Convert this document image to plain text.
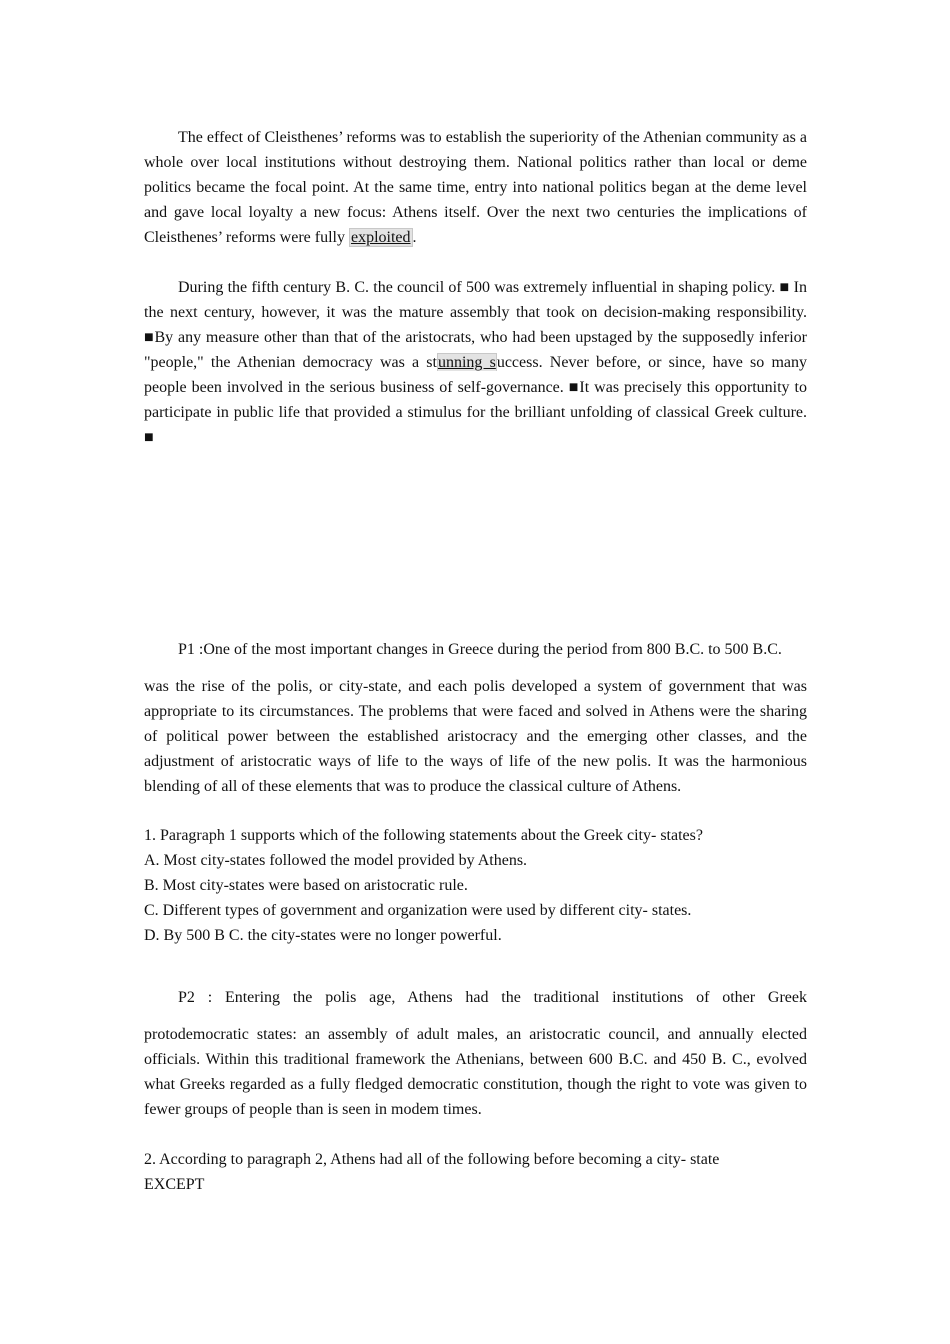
The effect of Cleisthenes’ reforms was to establish the superiority of the Athenian community as a whole over local institutions without destroying them. National politics rather than local or deme politics became the focal point. At the same time, entry into national politics began at the deme level and gave local loyalty a new focus: Athens itself. Over the next two centuries the implications of Cleisthenes’ reforms were fully exploited .

During the fifth century B. C. the council of 500 was extremely influential in shaping policy. ■ In the next century, however, it was the mature assembly that took on decision-making responsibility. ■By any measure other than that of the aristocrats, who had been upstaged by the supposedly inferior "people," the Athenian democracy was a stunning success. Never before, or since, have so many people been involved in the serious business of self-governance. ■It was precisely this opportunity to participate in public life that provided a stimulus for the brilliant unfolding of classical Greek culture. ■

P1 :One of the most important changes in Greece during the period from 800 B.C. to 500 B.C.

was the rise of the polis, or city-state, and each polis developed a system of government that was appropriate to its circumstances. The problems that were faced and solved in Athens were the sharing of political power between the established aristocracy and the emerging other classes, and the adjustment of aristocratic ways of life to the ways of life of the new polis. It was the harmonious blending of all of these elements that was to produce the classical culture of Athens.

1. Paragraph 1 supports which of the following statements about the Greek city- states?

A. Most city-states followed the model provided by Athens.

B. Most city-states were based on aristocratic rule.

C. Different types of government and organization were used by different city- states.

D. By 500 B C. the city-states were no longer powerful.

P2 : Entering the polis age, Athens had the traditional institutions of other Greek

protodemocratic states: an assembly of adult males, an aristocratic council, and annually elected officials. Within this traditional framework the Athenians, between 600 B.C. and 450 B. C., evolved what Greeks regarded as a fully fledged democratic constitution, though the right to vote was given to fewer groups of people than is seen in modem times.

2. According to paragraph 2, Athens had all of the following before becoming a city- state

EXCEPT
